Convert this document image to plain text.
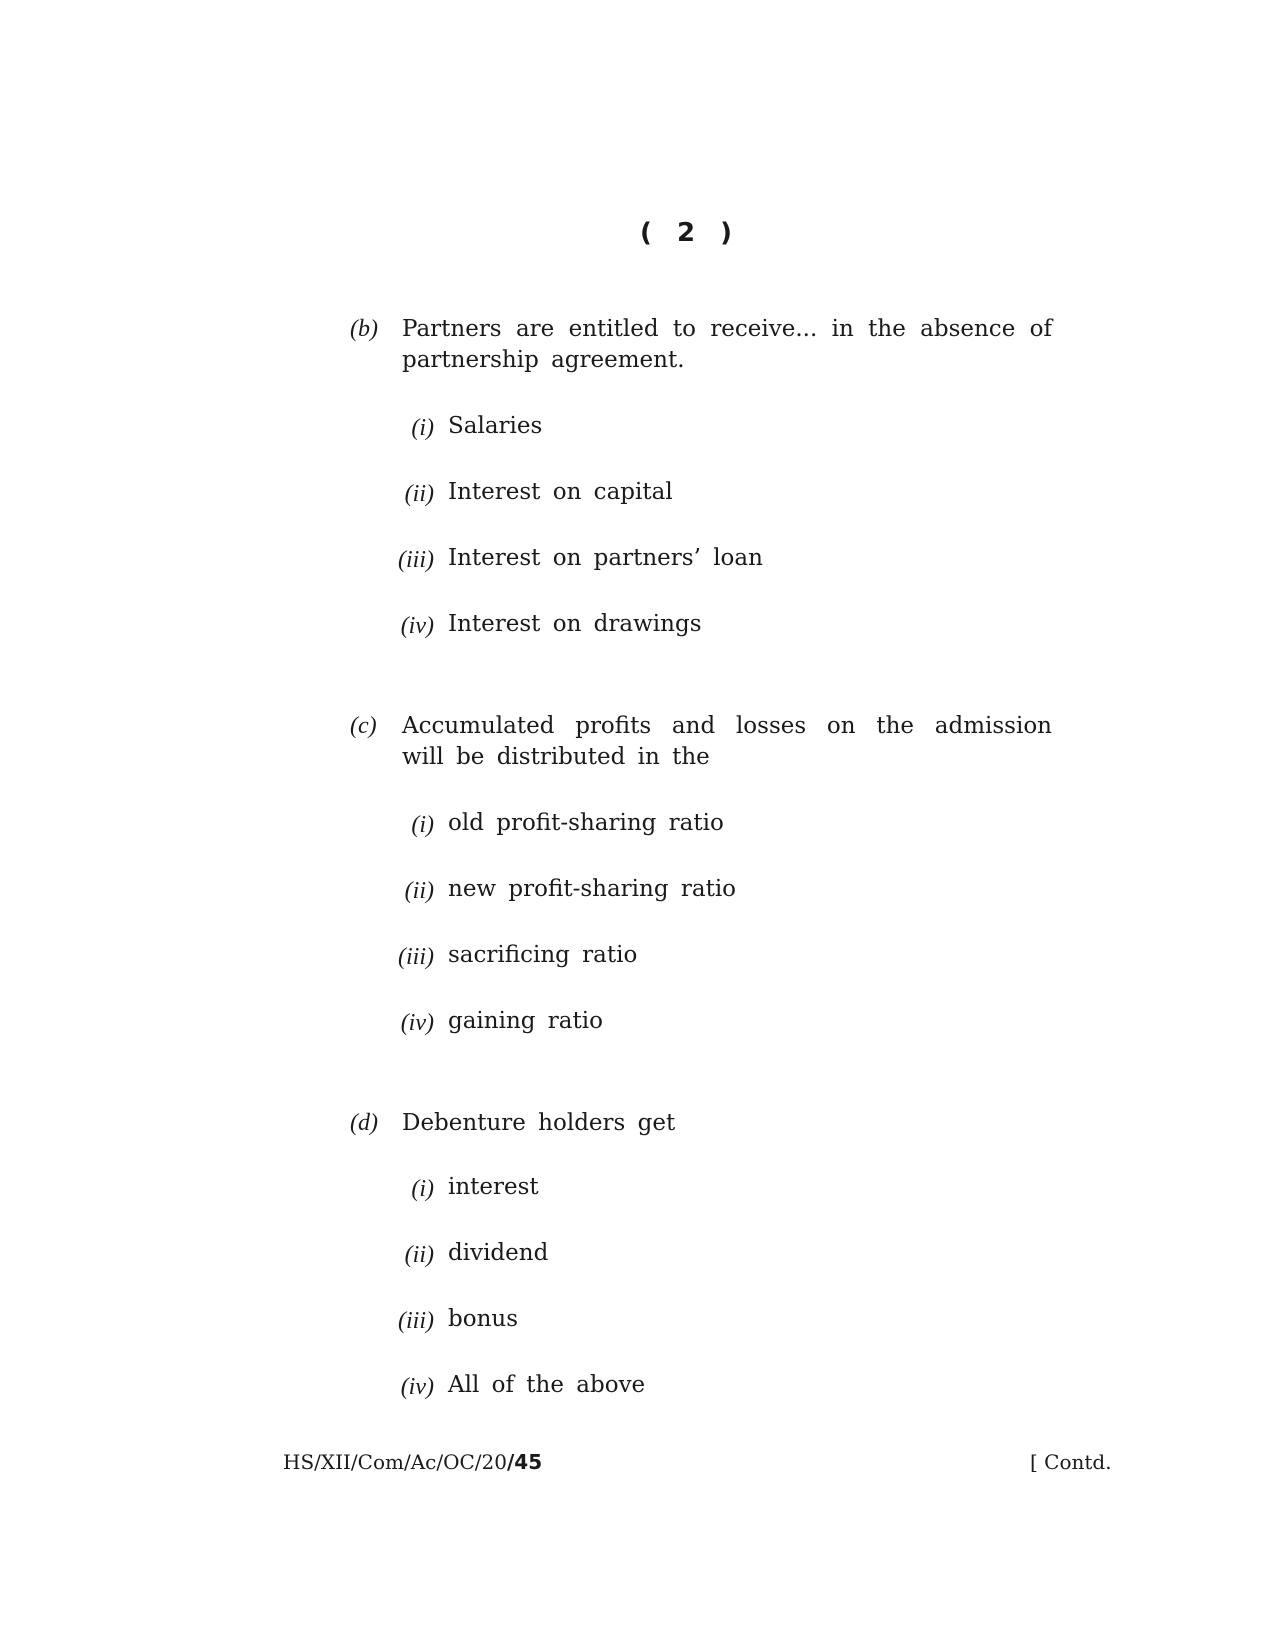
( 2 )
(b) Partners are entitled to receive... in the absence of partnership agreement.
(i) Salaries
(ii) Interest on capital
(iii) Interest on partners’ loan
(iv) Interest on drawings
(c) Accumulated profits and losses on the admission will be distributed in the
(i) old profit-sharing ratio
(ii) new profit-sharing ratio
(iii) sacrificing ratio
(iv) gaining ratio
(d) Debenture holders get
(i) interest
(ii) dividend
(iii) bonus
(iv) All of the above
HS/XII/Com/Ac/OC/20/45	[ Contd.
